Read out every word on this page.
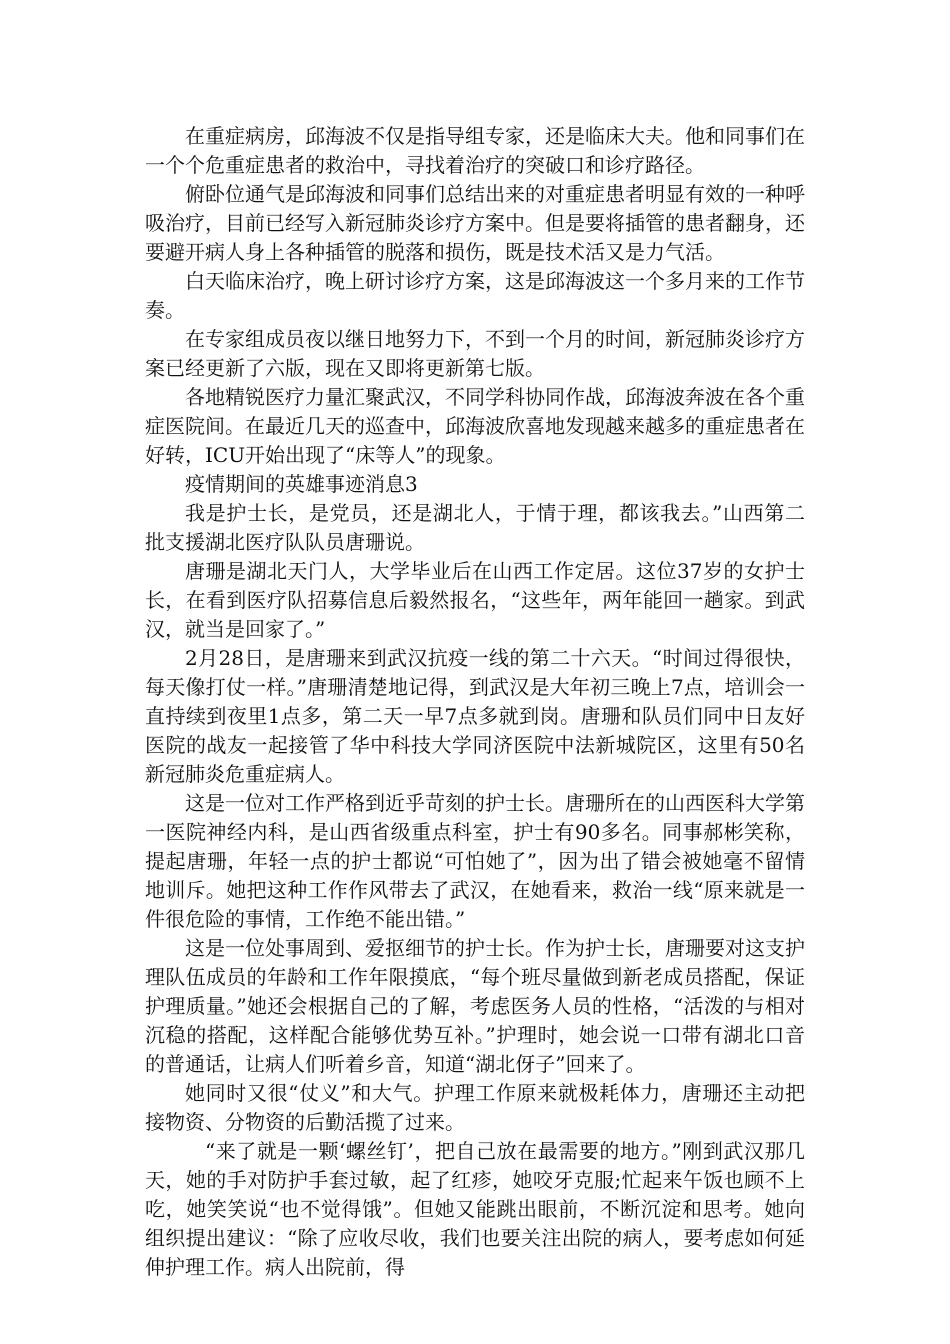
在重症病房，邱海波不仅是指导组专家，还是临床大夫。他和同事们在一个个危重症患者的救治中，寻找着治疗的突破口和诊疗路径。

俯卧位通气是邱海波和同事们总结出来的对重症患者明显有效的一种呼吸治疗，目前已经写入新冠肺炎诊疗方案中。但是要将插管的患者翻身，还要避开病人身上各种插管的脱落和损伤，既是技术活又是力气活。

白天临床治疗，晚上研讨诊疗方案，这是邱海波这一个多月来的工作节奏。

在专家组成员夜以继日地努力下，不到一个月的时间，新冠肺炎诊疗方案已经更新了六版，现在又即将更新第七版。

各地精锐医疗力量汇聚武汉，不同学科协同作战，邱海波奔波在各个重症医院间。在最近几天的巡查中，邱海波欣喜地发现越来越多的重症患者在好转，ICU开始出现了“床等人”的现象。

疫情期间的英雄事迹消息3

我是护士长，是党员，还是湖北人，于情于理，都该我去。”山西第二批支援湖北医疗队队员唐珊说。

唐珊是湖北天门人，大学毕业后在山西工作定居。这位37岁的女护士长，在看到医疗队招募信息后毅然报名，“这些年，两年能回一趟家。到武汉，就当是回家了。”

2月28日，是唐珊来到武汉抗疫一线的第二十六天。“时间过得很快，每天像打仗一样。”唐珊清楚地记得，到武汉是大年初三晚上7点，培训会一直持续到夜里1点多，第二天一早7点多就到岗。唐珊和队员们同中日友好医院的战友一起接管了华中科技大学同济医院中法新城院区，这里有50名新冠肺炎危重症病人。

这是一位对工作严格到近乎苛刻的护士长。唐珊所在的山西医科大学第一医院神经内科，是山西省级重点科室，护士有90多名。同事郝彬笑称，提起唐珊，年轻一点的护士都说“可怕她了”，因为出了错会被她毫不留情地训斥。她把这种工作作风带去了武汉，在她看来，救治一线“原来就是一件很危险的事情，工作绝不能出错。”

这是一位处事周到、爱抠细节的护士长。作为护士长，唐珊要对这支护理队伍成员的年龄和工作年限摸底，“每个班尽量做到新老成员搭配，保证护理质量。”她还会根据自己的了解，考虑医务人员的性格，“活泼的与相对沉稳的搭配，这样配合能够优势互补。”护理时，她会说一口带有湖北口音的普通话，让病人们听着乡音，知道“湖北伢子”回来了。

她同时又很“仗义”和大气。护理工作原来就极耗体力，唐珊还主动把接物资、分物资的后勤活揽了过来。

“来了就是一颗‘螺丝钉’，把自己放在最需要的地方。”刚到武汉那几天，她的手对防护手套过敏，起了红疹，她咬牙克服;忙起来午饭也顾不上吃，她笑笑说“也不觉得饿”。但她又能跳出眼前，不断沉淀和思考。她向组织提出建议：“除了应收尽收，我们也要关注出院的病人，要考虑如何延伸护理工作。病人出院前，得
